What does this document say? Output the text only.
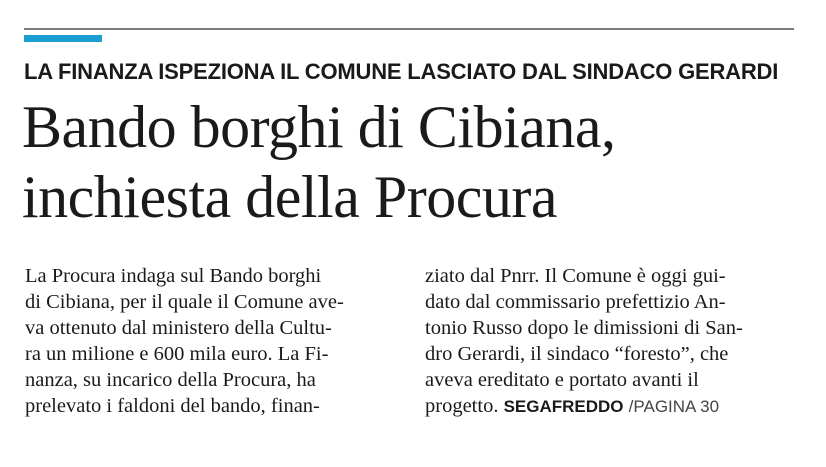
LA FINANZA ISPEZIONA IL COMUNE LASCIATO DAL SINDACO GERARDI
Bando borghi di Cibiana,
inchiesta della Procura
La Procura indaga sul Bando borghi
di Cibiana, per il quale il Comune ave-
va ottenuto dal ministero della Cultu-
ra un milione e 600 mila euro. La Fi-
nanza, su incarico della Procura, ha
prelevato i faldoni del bando, finan-
ziato dal Pnrr. Il Comune è oggi gui-
dato dal commissario prefettizio An-
tonio Russo dopo le dimissioni di San-
dro Gerardi, il sindaco “foresto”, che
aveva ereditato e portato avanti il
progetto. SEGAFREDDO /PAGINA 30
